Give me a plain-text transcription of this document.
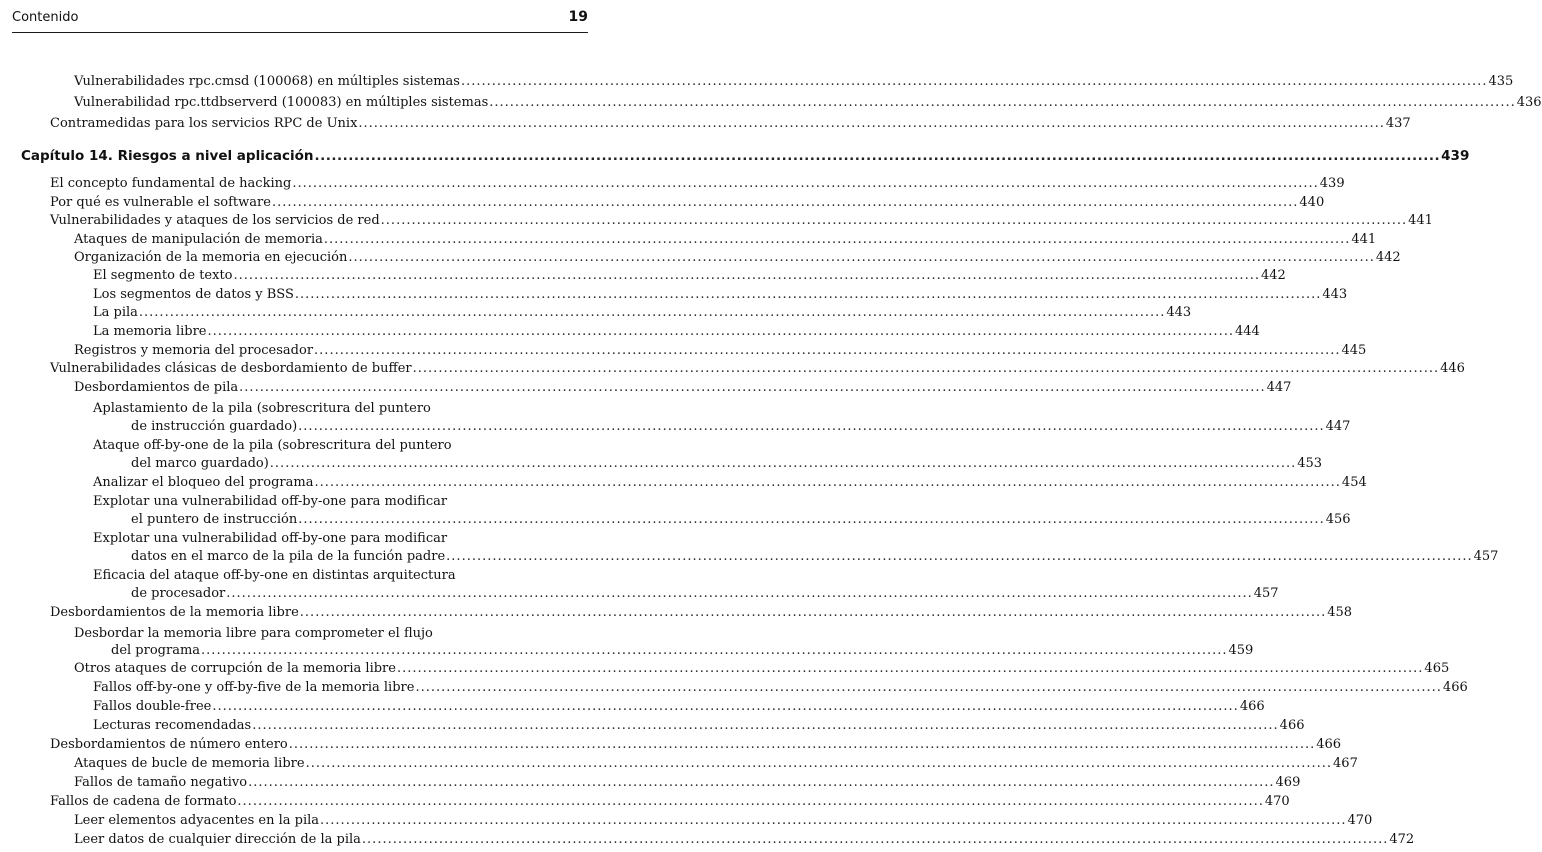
Contenido	19
Vulnerabilidades rpc.cmsd (100068) en múltiples sistemas ........................................................................................................................................................................................................ 435
Vulnerabilidad rpc.ttdbserverd (100083) en múltiples sistemas ........................................................................................................................................................................................................ 436
Contramedidas para los servicios RPC de Unix ........................................................................................................................................................................................................ 437
Capítulo 14. Riesgos a nivel aplicación ........................................................................................................................................................................................................ 439
El concepto fundamental de hacking ........................................................................................................................................................................................................ 439
Por qué es vulnerable el software ........................................................................................................................................................................................................ 440
Vulnerabilidades y ataques de los servicios de red ........................................................................................................................................................................................................ 441
Ataques de manipulación de memoria ........................................................................................................................................................................................................ 441
Organización de la memoria en ejecución ........................................................................................................................................................................................................ 442
El segmento de texto ........................................................................................................................................................................................................ 442
Los segmentos de datos y BSS ........................................................................................................................................................................................................ 443
La pila ........................................................................................................................................................................................................ 443
La memoria libre ........................................................................................................................................................................................................ 444
Registros y memoria del procesador ........................................................................................................................................................................................................ 445
Vulnerabilidades clásicas de desbordamiento de buffer ........................................................................................................................................................................................................ 446
Desbordamientos de pila ........................................................................................................................................................................................................ 447
Aplastamiento de la pila (sobrescritura del puntero
de instrucción guardado) ........................................................................................................................................................................................................ 447
Ataque off-by-one de la pila (sobrescritura del puntero
del marco guardado) ........................................................................................................................................................................................................ 453
Analizar el bloqueo del programa ........................................................................................................................................................................................................ 454
Explotar una vulnerabilidad off-by-one para modificar
el puntero de instrucción ........................................................................................................................................................................................................ 456
Explotar una vulnerabilidad off-by-one para modificar
datos en el marco de la pila de la función padre ........................................................................................................................................................................................................ 457
Eficacia del ataque off-by-one en distintas arquitectura
de procesador ........................................................................................................................................................................................................ 457
Desbordamientos de la memoria libre ........................................................................................................................................................................................................ 458
Desbordar la memoria libre para comprometer el flujo
del programa ........................................................................................................................................................................................................ 459
Otros ataques de corrupción de la memoria libre ........................................................................................................................................................................................................ 465
Fallos off-by-one y off-by-five de la memoria libre ........................................................................................................................................................................................................ 466
Fallos double-free ........................................................................................................................................................................................................ 466
Lecturas recomendadas ........................................................................................................................................................................................................ 466
Desbordamientos de número entero ........................................................................................................................................................................................................ 466
Ataques de bucle de memoria libre ........................................................................................................................................................................................................ 467
Fallos de tamaño negativo ........................................................................................................................................................................................................ 469
Fallos de cadena de formato ........................................................................................................................................................................................................ 470
Leer elementos adyacentes en la pila ........................................................................................................................................................................................................ 470
Leer datos de cualquier dirección de la pila ........................................................................................................................................................................................................ 472
